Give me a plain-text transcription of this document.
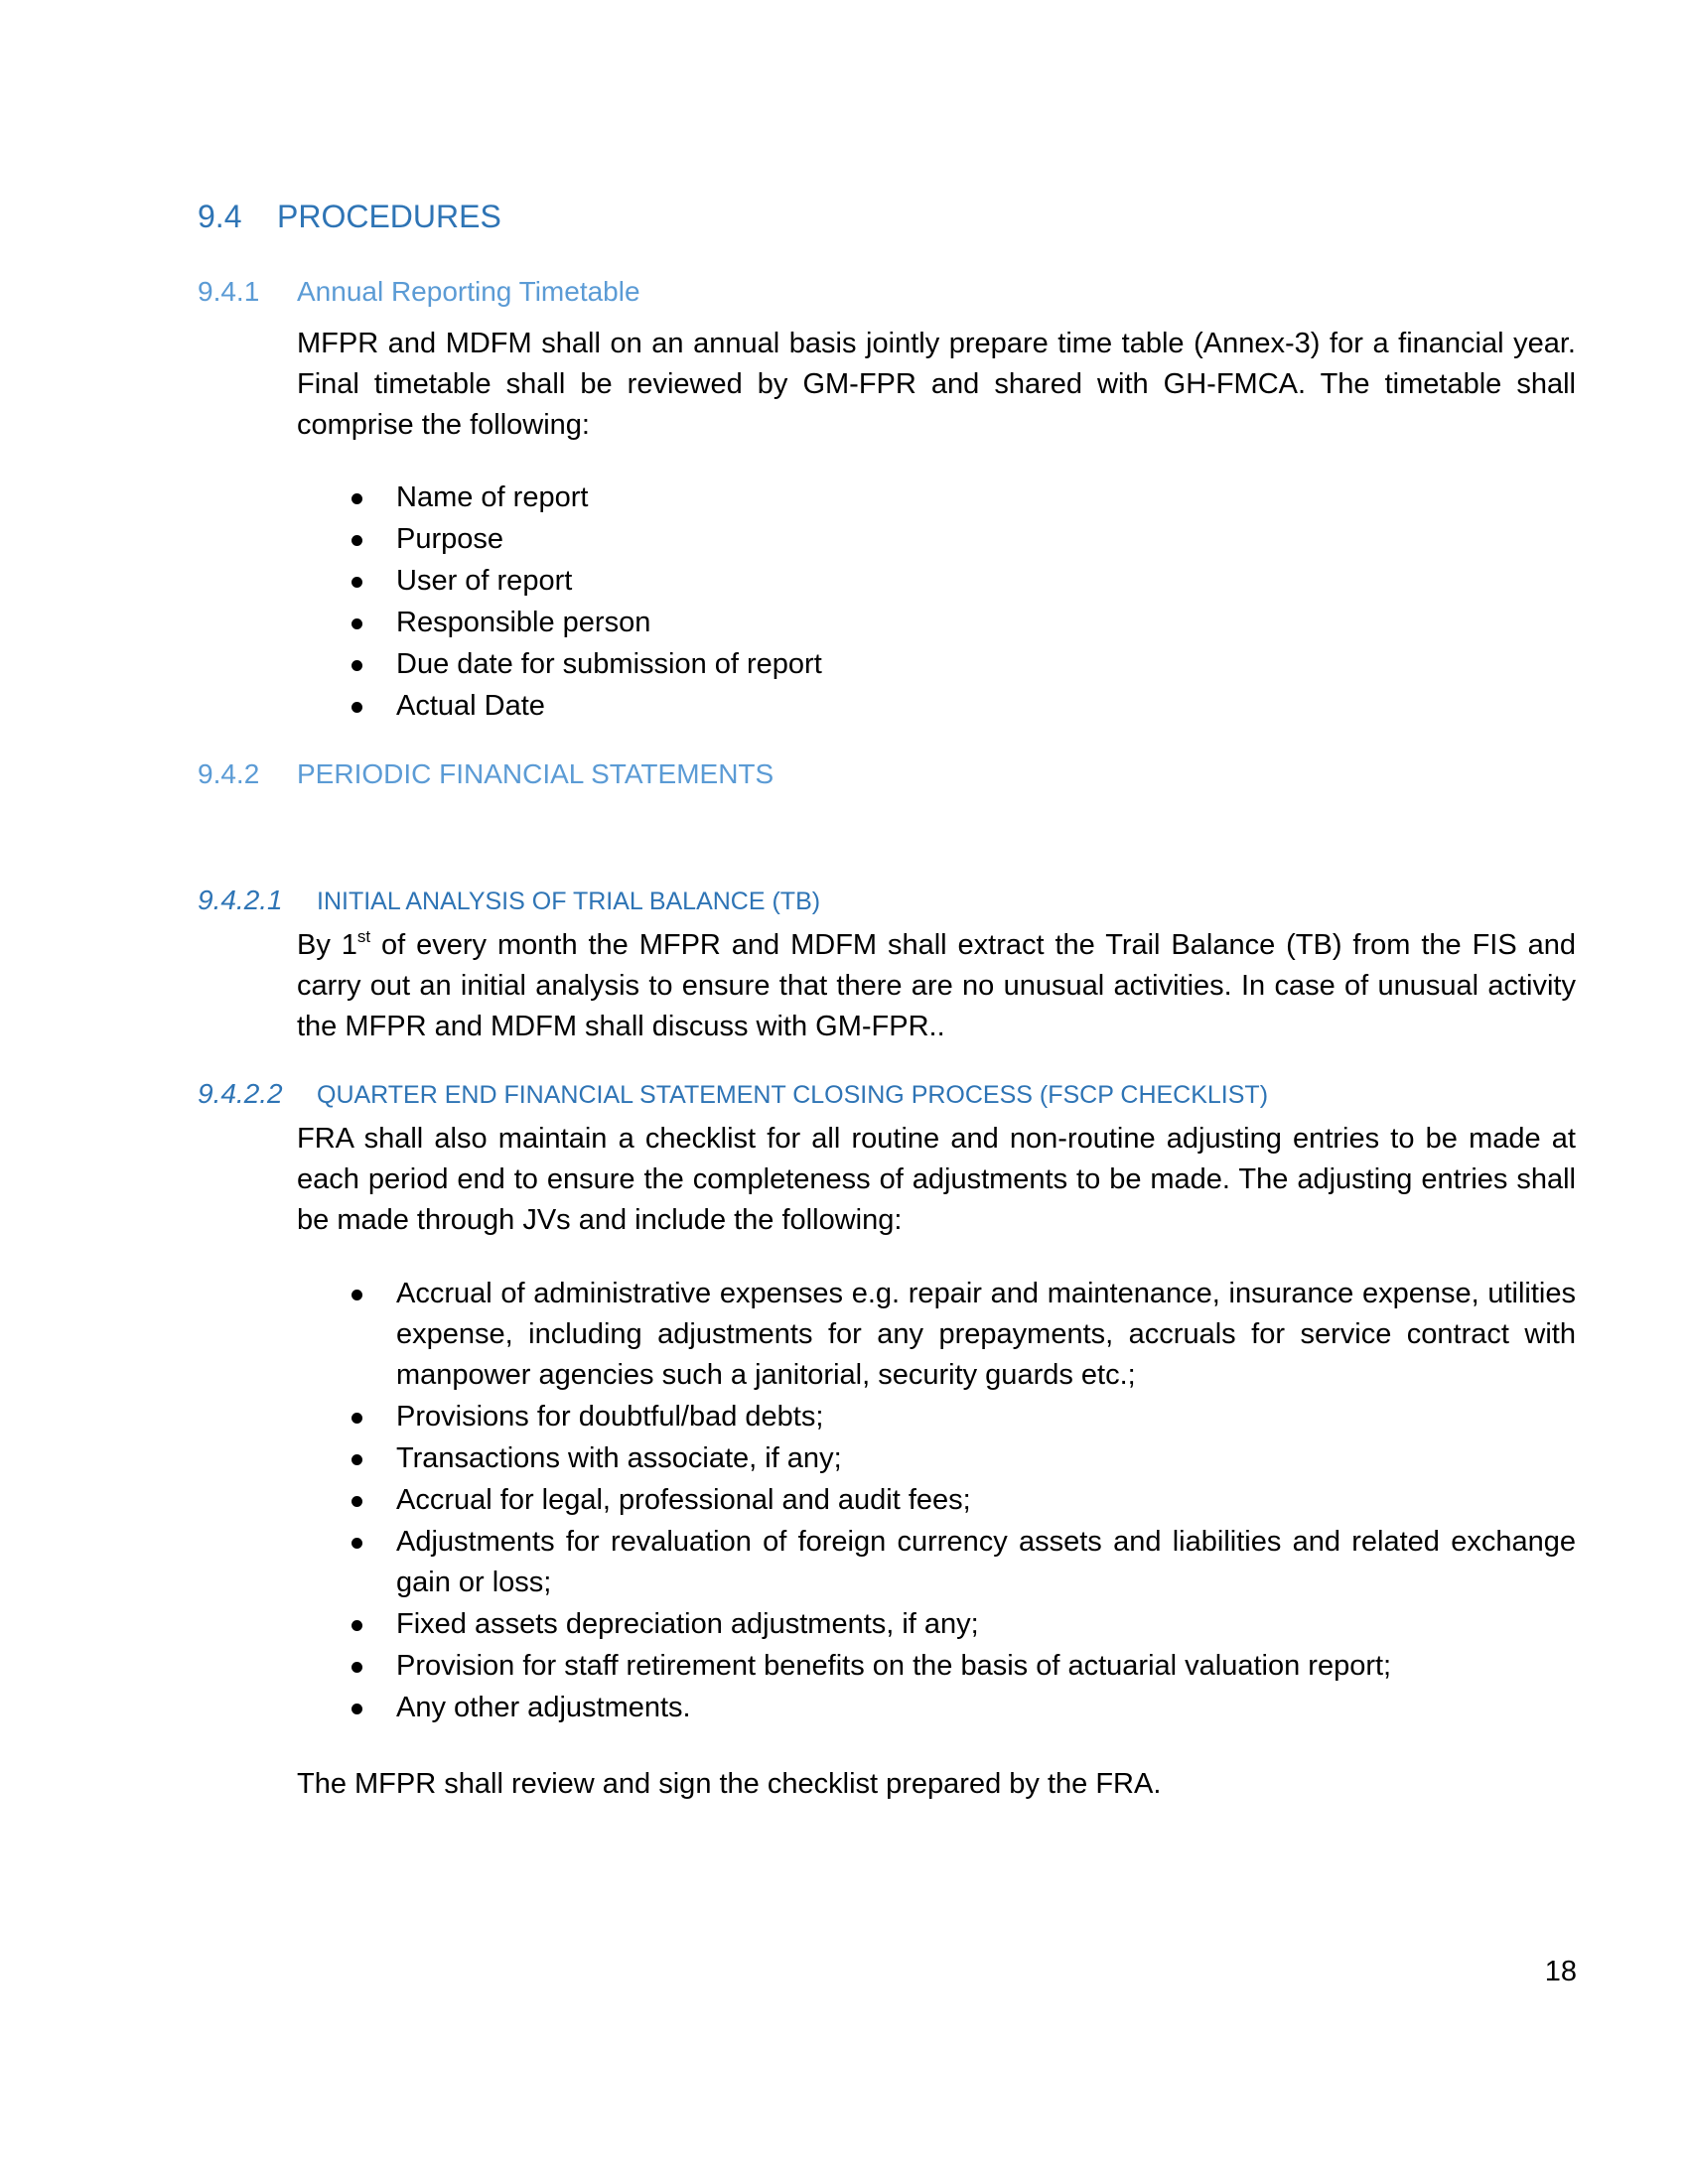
9.4 PROCEDURES
9.4.1 Annual Reporting Timetable
MFPR and MDFM shall on an annual basis jointly prepare time table (Annex-3) for a financial year. Final timetable shall be reviewed by GM-FPR and shared with GH-FMCA. The timetable shall comprise the following:
Name of report
Purpose
User of report
Responsible person
Due date for submission of report
Actual Date
9.4.2 PERIODIC FINANCIAL STATEMENTS
9.4.2.1 INITIAL ANALYSIS OF TRIAL BALANCE (TB)
By 1st of every month the MFPR and MDFM shall extract the Trail Balance (TB) from the FIS and carry out an initial analysis to ensure that there are no unusual activities. In case of unusual activity the MFPR and MDFM shall discuss with GM-FPR..
9.4.2.2 QUARTER END FINANCIAL STATEMENT CLOSING PROCESS (FSCP CHECKLIST)
FRA shall also maintain a checklist for all routine and non-routine adjusting entries to be made at each period end to ensure the completeness of adjustments to be made. The adjusting entries shall be made through JVs and include the following:
Accrual of administrative expenses e.g. repair and maintenance, insurance expense, utilities expense, including adjustments for any prepayments, accruals for service contract with manpower agencies such a janitorial, security guards etc.;
Provisions for doubtful/bad debts;
Transactions with associate, if any;
Accrual for legal, professional and audit fees;
Adjustments for revaluation of foreign currency assets and liabilities and related exchange gain or loss;
Fixed assets depreciation adjustments, if any;
Provision for staff retirement benefits on the basis of actuarial valuation report;
Any other adjustments.
The MFPR shall review and sign the checklist prepared by the FRA.
18
